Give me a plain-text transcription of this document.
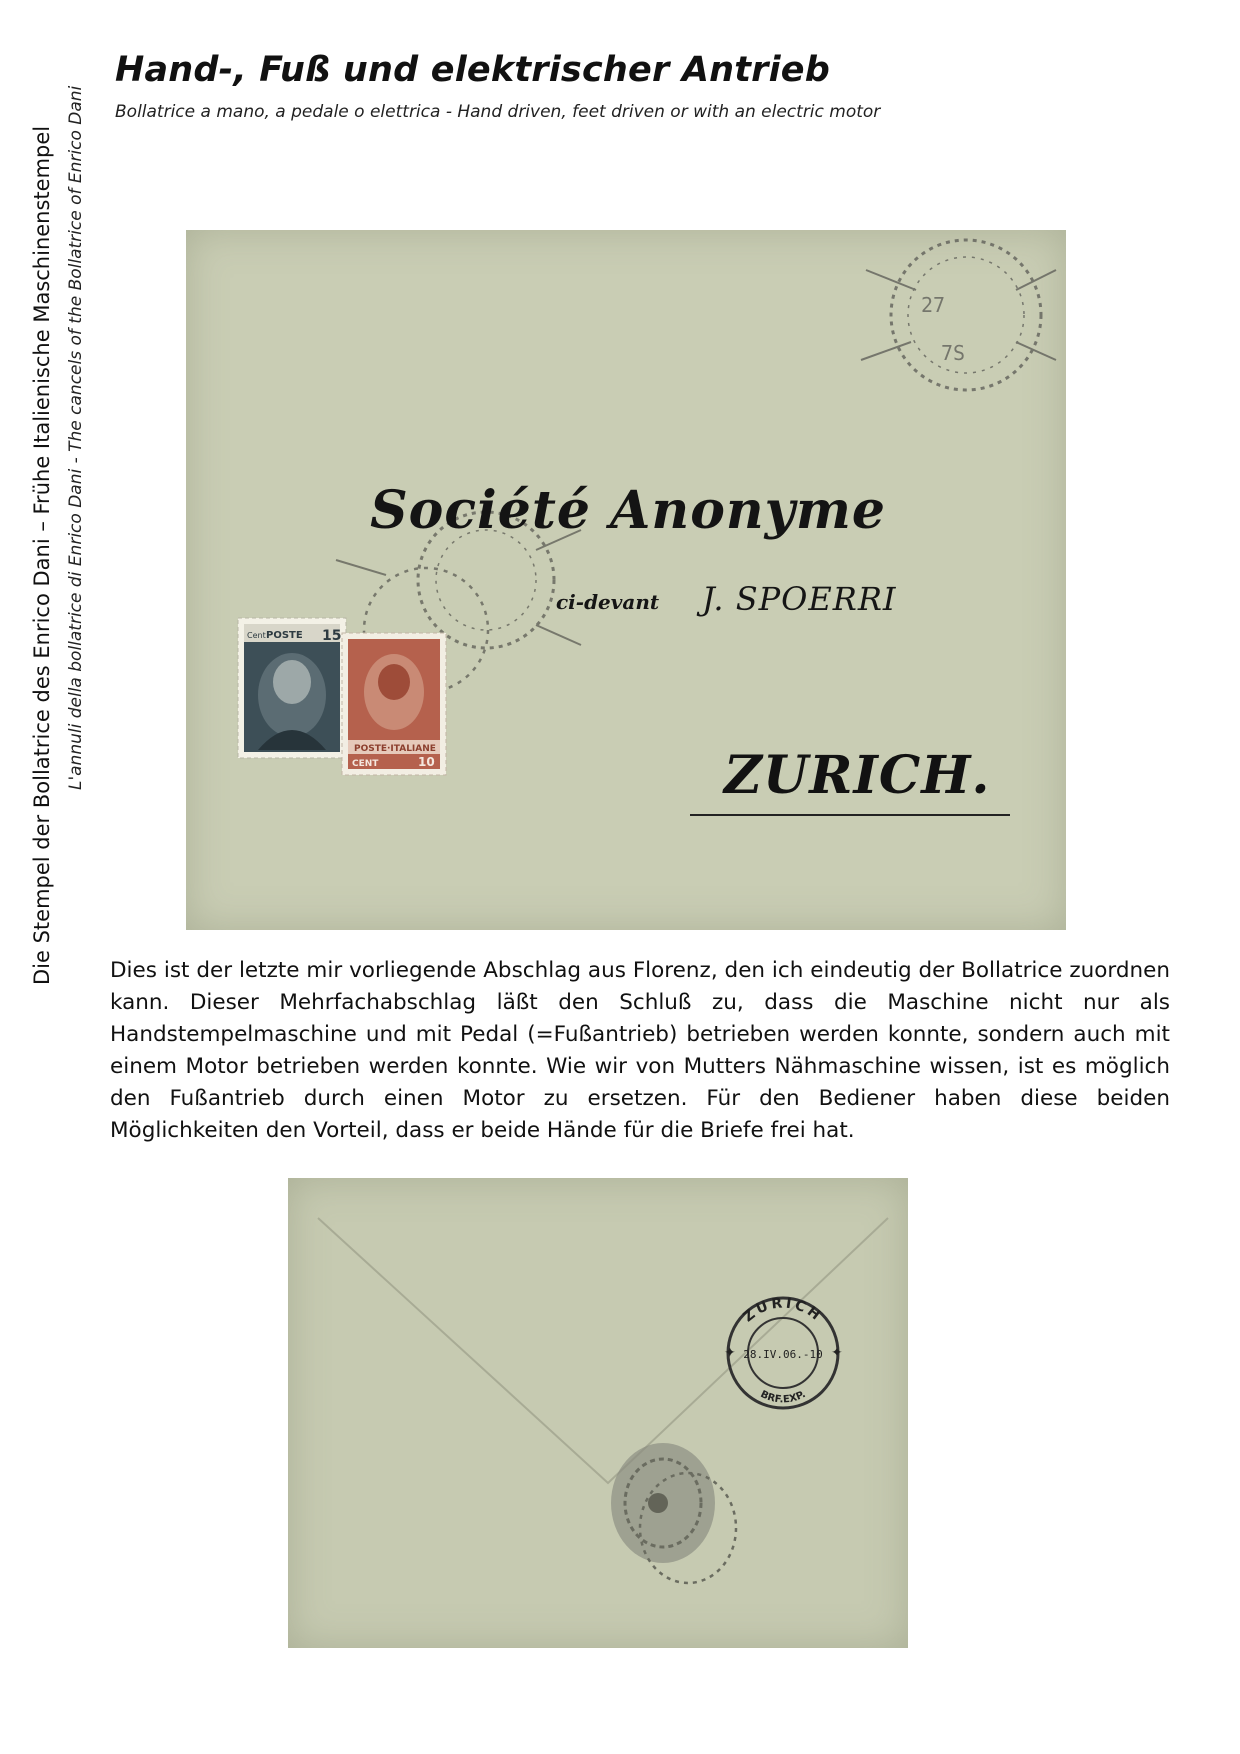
Die Stempel der Bollatrice des Enrico Dani – Frühe Italienische Maschinenstempel L'annuli della bollatrice di Enrico Dani - The cancels of the Bollatrice of Enrico Dani
Hand-, Fuß und elektrischer Antrieb

Bollatrice a mano, a pedale o elettrica - Hand driven, feet driven or with an electric motor

27
7S
POSTE 15
Cent
POSTE·ITALIANE
10
CENT
Société Anonyme
ci-devant J. SPOERRI
ZURICH.

Dies ist der letzte mir vorliegende Abschlag aus Florenz, den ich eindeutig der Bollatrice zuordnen kann. Dieser Mehrfachabschlag läßt den Schluß zu, dass die Maschine nicht nur als Handstempelmaschine und mit Pedal (=Fußantrieb) betrieben werden konnte, sondern auch mit einem Motor betrieben werden konnte. Wie wir von Mutters Nähmaschine wissen, ist es möglich den Fußantrieb durch einen Motor zu ersetzen. Für den Bediener haben diese beiden Möglichkeiten den Vorteil, dass er beide Hände für die Briefe frei hat.

ZURICH
28.IV.06.-10
BRF.EXP.
✦	✦
